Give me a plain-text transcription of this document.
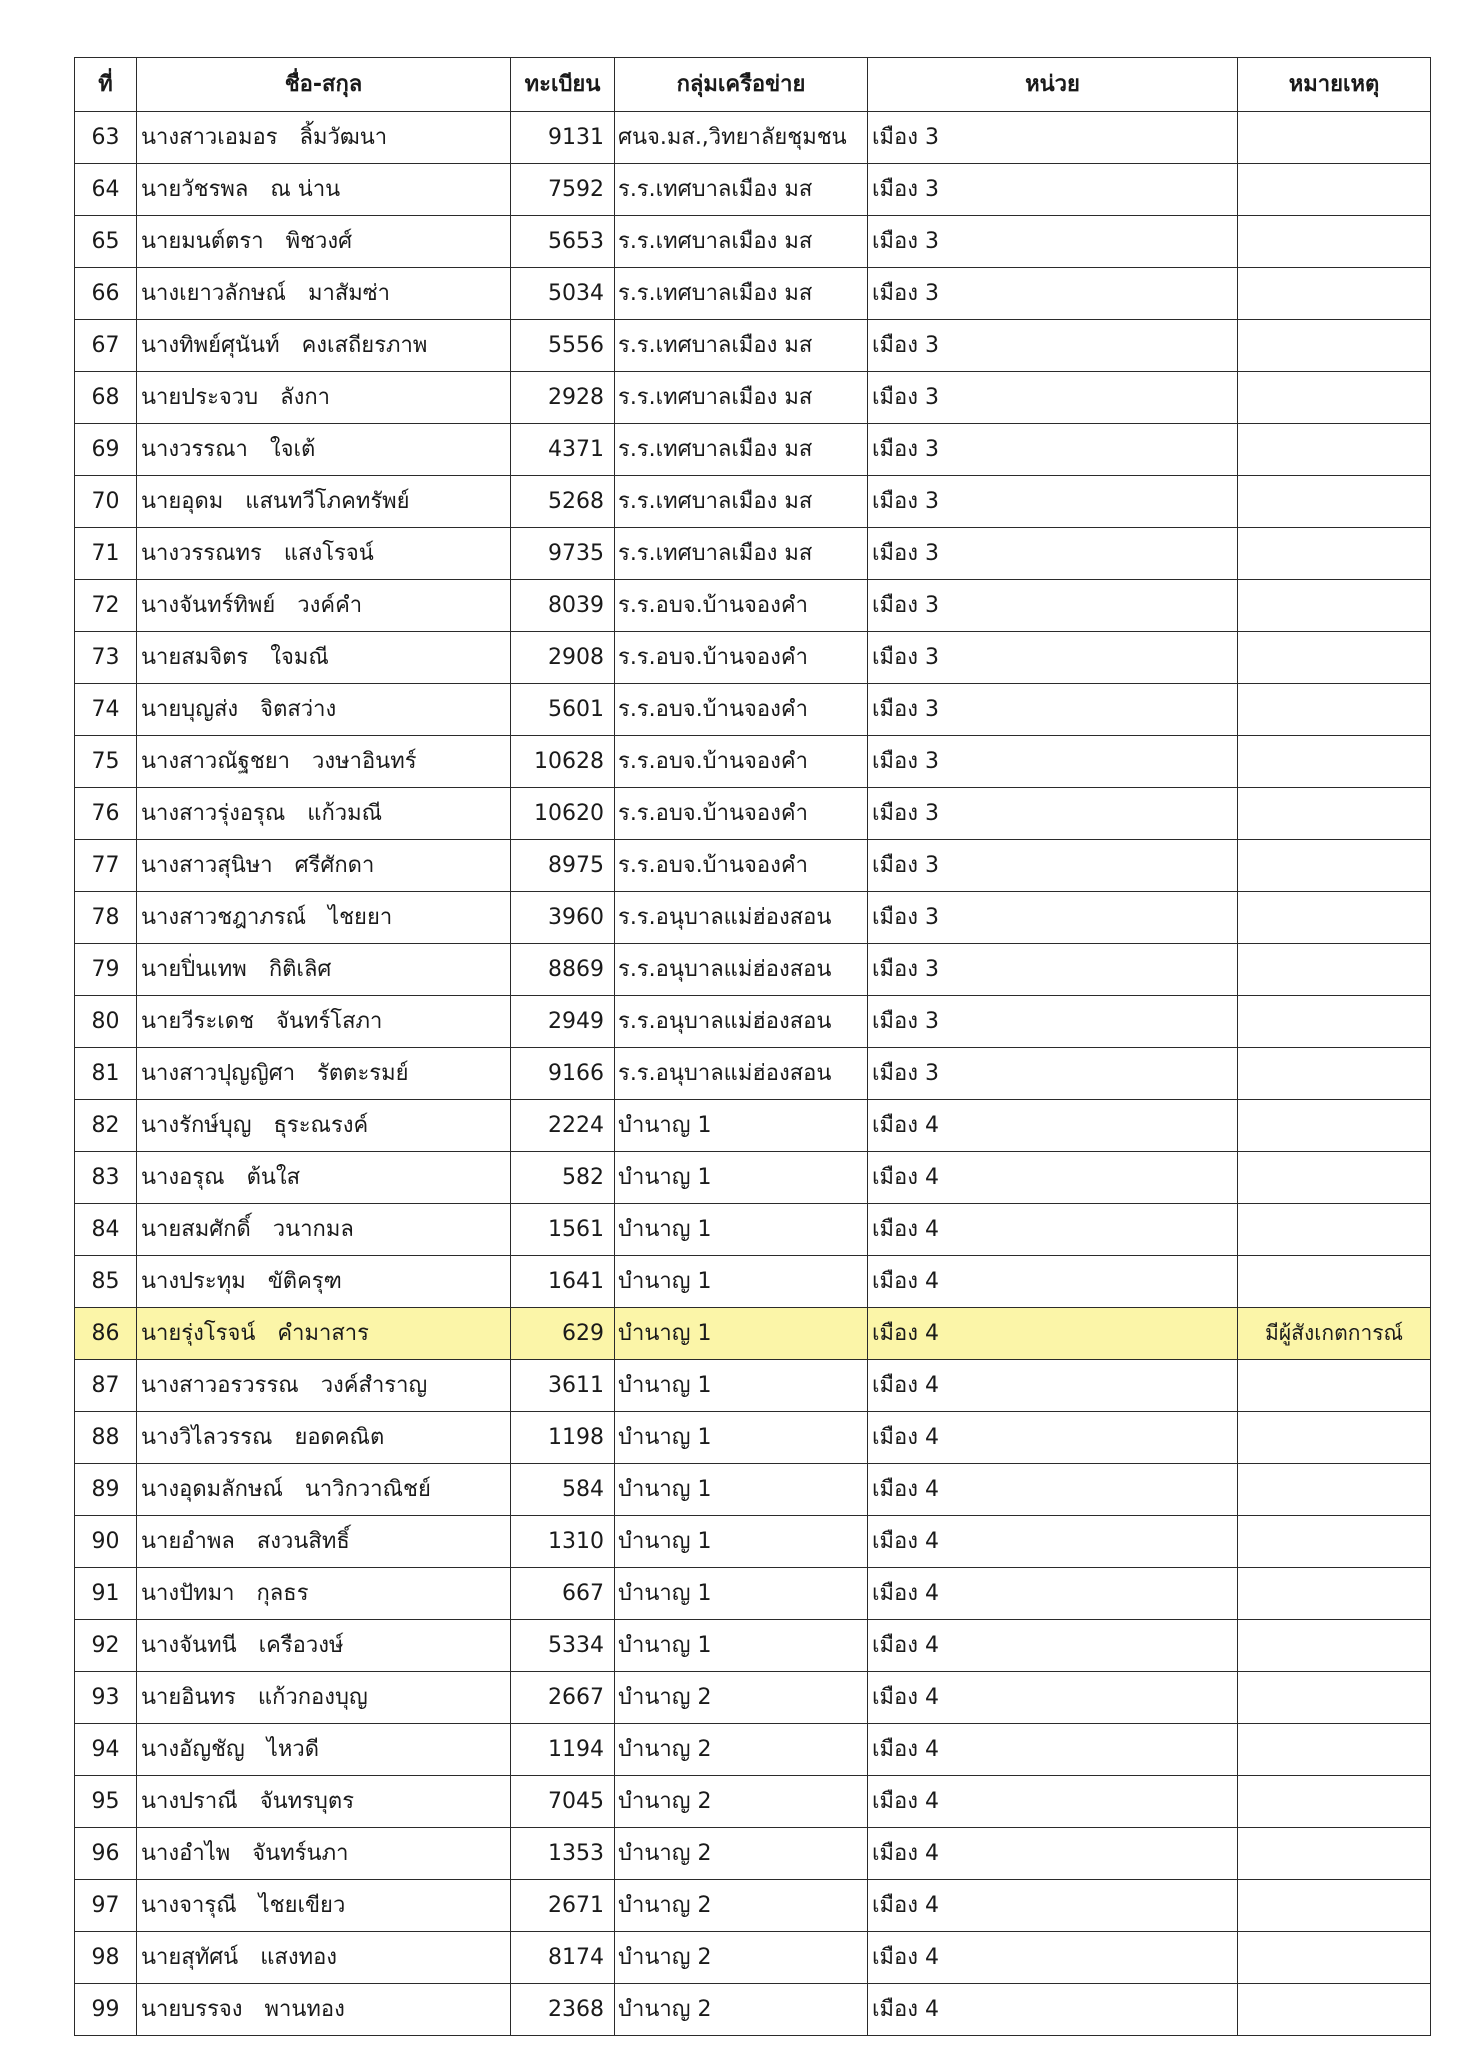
ที่	ชื่อ-สกุล	ทะเบียน	กลุ่มเครือข่าย	หน่วย	หมายเหตุ
63	นางสาวเอมอร ลิ้มวัฒนา	9131	ศนจ.มส.,วิทยาลัยชุมชน	เมือง 3	
64	นายวัชรพล ณ น่าน	7592	ร.ร.เทศบาลเมือง มส	เมือง 3	
65	นายมนต์ตรา พิชวงศ์	5653	ร.ร.เทศบาลเมือง มส	เมือง 3	
66	นางเยาวลักษณ์ มาสัมซ่า	5034	ร.ร.เทศบาลเมือง มส	เมือง 3	
67	นางทิพย์ศุนันท์ คงเสถียรภาพ	5556	ร.ร.เทศบาลเมือง มส	เมือง 3	
68	นายประจวบ ลังกา	2928	ร.ร.เทศบาลเมือง มส	เมือง 3	
69	นางวรรณา ใจเต้	4371	ร.ร.เทศบาลเมือง มส	เมือง 3	
70	นายอุดม แสนทวีโภคทรัพย์	5268	ร.ร.เทศบาลเมือง มส	เมือง 3	
71	นางวรรณทร แสงโรจน์	9735	ร.ร.เทศบาลเมือง มส	เมือง 3	
72	นางจันทร์ทิพย์ วงค์คำ	8039	ร.ร.อบจ.บ้านจองคำ	เมือง 3	
73	นายสมจิตร ใจมณี	2908	ร.ร.อบจ.บ้านจองคำ	เมือง 3	
74	นายบุญส่ง จิตสว่าง	5601	ร.ร.อบจ.บ้านจองคำ	เมือง 3	
75	นางสาวณัฐชยา วงษาอินทร์	10628	ร.ร.อบจ.บ้านจองคำ	เมือง 3	
76	นางสาวรุ่งอรุณ แก้วมณี	10620	ร.ร.อบจ.บ้านจองคำ	เมือง 3	
77	นางสาวสุนิษา ศรีศักดา	8975	ร.ร.อบจ.บ้านจองคำ	เมือง 3	
78	นางสาวชฎาภรณ์ ไชยยา	3960	ร.ร.อนุบาลแม่ฮ่องสอน	เมือง 3	
79	นายปิ่นเทพ กิติเลิศ	8869	ร.ร.อนุบาลแม่ฮ่องสอน	เมือง 3	
80	นายวีระเดช จันทร์โสภา	2949	ร.ร.อนุบาลแม่ฮ่องสอน	เมือง 3	
81	นางสาวปุญญิศา รัตตะรมย์	9166	ร.ร.อนุบาลแม่ฮ่องสอน	เมือง 3	
82	นางรักษ์บุญ ธุระณรงค์	2224	บำนาญ 1	เมือง 4	
83	นางอรุณ ต้นใส	582	บำนาญ 1	เมือง 4	
84	นายสมศักดิ์ วนากมล	1561	บำนาญ 1	เมือง 4	
85	นางประทุม ขัติครุฑ	1641	บำนาญ 1	เมือง 4	
86	นายรุ่งโรจน์ คำมาสาร	629	บำนาญ 1	เมือง 4	มีผู้สังเกตการณ์
87	นางสาวอรวรรณ วงค์สำราญ	3611	บำนาญ 1	เมือง 4	
88	นางวิไลวรรณ ยอดคณิต	1198	บำนาญ 1	เมือง 4	
89	นางอุดมลักษณ์ นาวิกวาณิชย์	584	บำนาญ 1	เมือง 4	
90	นายอำพล สงวนสิทธิ์	1310	บำนาญ 1	เมือง 4	
91	นางปัทมา กุลธร	667	บำนาญ 1	เมือง 4	
92	นางจันทนี เครือวงษ์	5334	บำนาญ 1	เมือง 4	
93	นายอินทร แก้วกองบุญ	2667	บำนาญ 2	เมือง 4	
94	นางอัญชัญ ไหวดี	1194	บำนาญ 2	เมือง 4	
95	นางปราณี จันทรบุตร	7045	บำนาญ 2	เมือง 4	
96	นางอำไพ จันทร์นภา	1353	บำนาญ 2	เมือง 4	
97	นางจารุณี ไชยเขียว	2671	บำนาญ 2	เมือง 4	
98	นายสุทัศน์ แสงทอง	8174	บำนาญ 2	เมือง 4	
99	นายบรรจง พานทอง	2368	บำนาญ 2	เมือง 4	
